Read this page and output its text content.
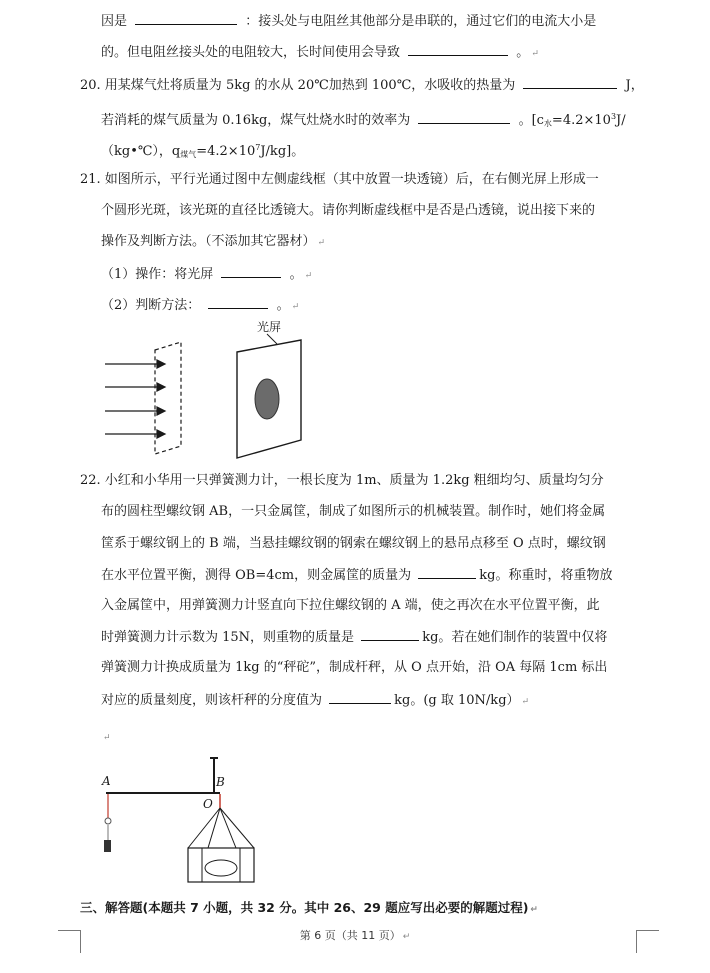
因是	：接头处与电阻丝其他部分是串联的，通过它们的电流大小是
的。但电阻丝接头处的电阻较大，长时间使用会导致	。 ↵
20. 用某煤气灶将质量为 5kg 的水从 20℃加热到 100℃，水吸收的热量为	J，
若消耗的煤气质量为 0.16kg，煤气灶烧水时的效率为	。[$c_水=4.2\times 10^3J/$
（kg•℃），$q_{煤气}=4.2\times 10^7J/kg$]。
21. 如图所示，平行光通过图中左侧虚线框（其中放置一块透镜）后，在右侧光屏上形成一
个圆形光斑，该光斑的直径比透镜大。请你判断虚线框中是否是凸透镜，说出接下来的
操作及判断方法。（不添加其它器材） ↵
（1）操作：将光屏	。 ↵
（2）判断方法：	。 ↵
光屏
22. 小红和小华用一只弹簧测力计，一根长度为 1m、质量为 1.2kg 粗细均匀、质量均匀分
布的圆柱型螺纹钢 AB，一只金属筐，制成了如图所示的机械装置。制作时，她们将金属
筐系于螺纹钢上的 B 端，当悬挂螺纹钢的钢索在螺纹钢上的悬吊点移至 O 点时，螺纹钢
在水平位置平衡，测得 OB=4cm，则金属筐的质量为	kg。称重时，将重物放
入金属筐中，用弹簧测力计竖直向下拉住螺纹钢的 A 端，使之再次在水平位置平衡，此
时弹簧测力计示数为 15N，则重物的质量是	kg。若在她们制作的装置中仅将
弹簧测力计换成质量为 1kg 的“秤砣”，制成杆秤，从 O 点开始，沿 OA 每隔 1cm 标出
对应的质量刻度，则该杆秤的分度值为	kg。(g 取 10N/kg） ↵
↵
A	B
O
三、解答题(本题共 7 小题，共 32 分。其中 26、29 题应写出必要的解题过程) ↵
第 6 页（共 11 页） ↵
